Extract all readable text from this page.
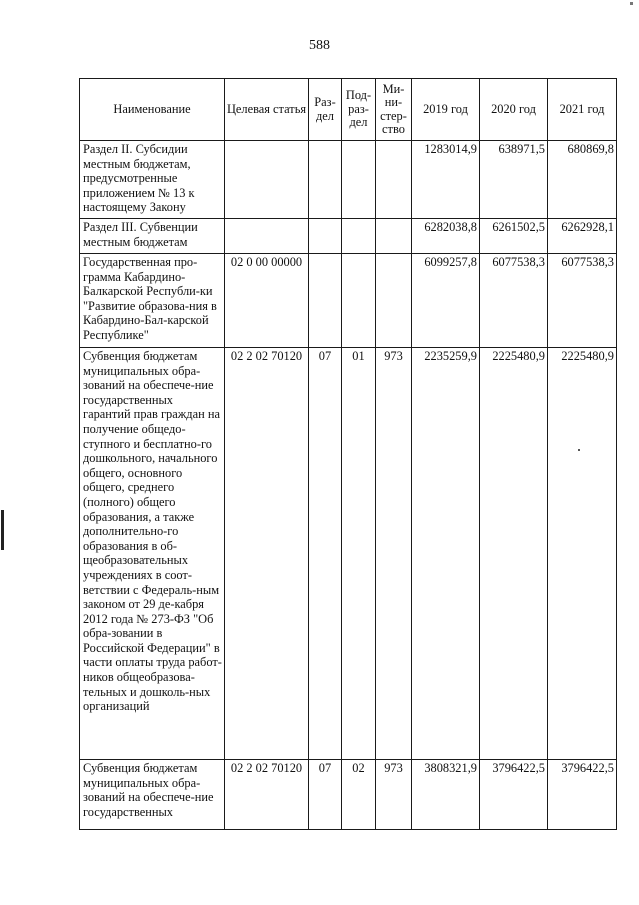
588
Наименование	Целевая статья	Раз-дел	Под-раз-дел	Ми-ни-стер-ство	2019 год	2020 год	2021 год
Раздел II. Субсидии местным бюджетам, предусмотренные приложением № 13 к настоящему Закону					1283014,9	638971,5	680869,8
Раздел III. Субвенции местным бюджетам					6282038,8	6261502,5	6262928,1
Государственная про-грамма Кабардино-Балкарской Республи-ки "Развитие образова-ния в Кабардино-Бал-карской Республике"	02 0 00 00000				6099257,8	6077538,3	6077538,3
Субвенция бюджетам муниципальных обра-зований на обеспече-ние государственных гарантий прав граждан на получение общедо-ступного и бесплатно-го дошкольного, начального общего, основного общего, среднего (полного) общего образования, а также дополнительно-го образования в об-щеобразовательных учреждениях в соот-ветствии с Федераль-ным законом от 29 де-кабря 2012 года № 273-ФЗ "Об обра-зовании в Российской Федерации" в части оплаты труда работ-ников общеобразова-тельных и дошколь-ных организаций	02 2 02 70120	07	01	973	2235259,9	2225480,9	2225480,9
Субвенция бюджетам муниципальных обра-зований на обеспече-ние государственных	02 2 02 70120	07	02	973	3808321,9	3796422,5	3796422,5
